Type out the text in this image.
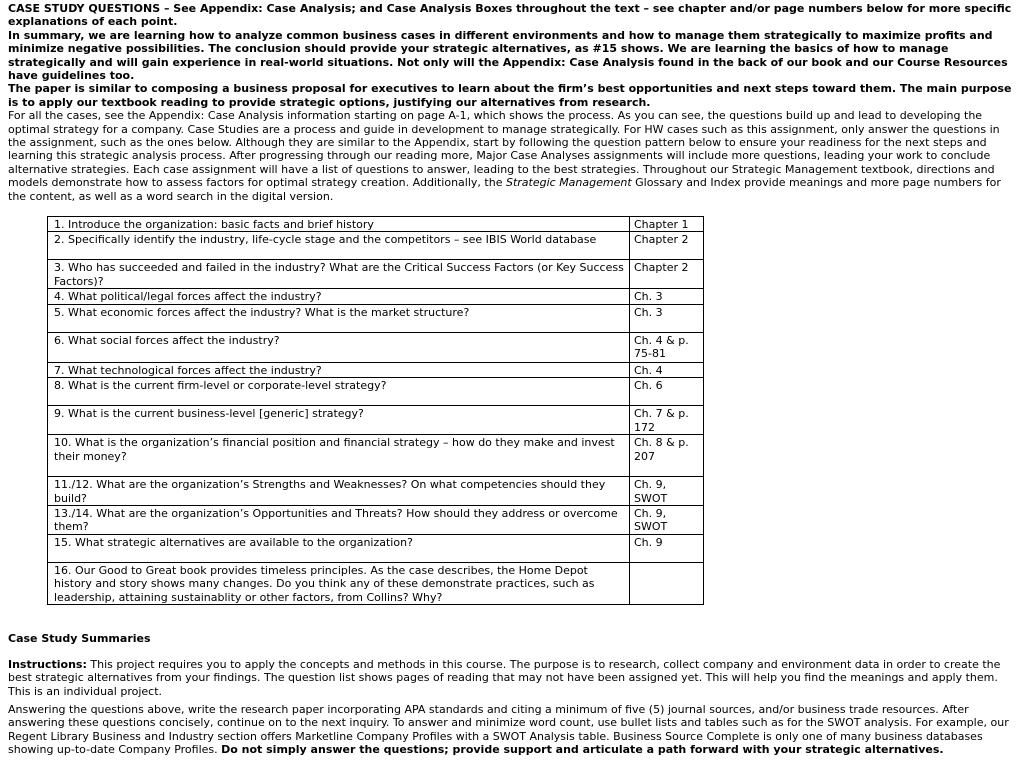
CASE STUDY QUESTIONS – See Appendix: Case Analysis; and Case Analysis Boxes throughout the text – see chapter and/or page numbers below for more specific explanations of each point.

In summary, we are learning how to analyze common business cases in different environments and how to manage them strategically to maximize profits and minimize negative possibilities. The conclusion should provide your strategic alternatives, as #15 shows. We are learning the basics of how to manage strategically and will gain experience in real-world situations. Not only will the Appendix: Case Analysis found in the back of our book and our Course Resources have guidelines too.

The paper is similar to composing a business proposal for executives to learn about the firm’s best opportunities and next steps toward them. The main purpose is to apply our textbook reading to provide strategic options, justifying our alternatives from research.

For all the cases, see the Appendix: Case Analysis information starting on page A-1, which shows the process. As you can see, the questions build up and lead to developing the optimal strategy for a company. Case Studies are a process and guide in development to manage strategically. For HW cases such as this assignment, only answer the questions in the assignment, such as the ones below. Although they are similar to the Appendix, start by following the question pattern below to ensure your readiness for the next steps and learning this strategic analysis process. After progressing through our reading more, Major Case Analyses assignments will include more questions, leading your work to conclude alternative strategies. Each case assignment will have a list of questions to answer, leading to the best strategies. Throughout our Strategic Management textbook, directions and models demonstrate how to assess factors for optimal strategy creation. Additionally, the Strategic Management Glossary and Index provide meanings and more page numbers for the content, as well as a word search in the digital version.

1. Introduce the organization: basic facts and brief history	Chapter 1
2. Specifically identify the industry, life-cycle stage and the competitors – see IBIS World database	Chapter 2
3. Who has succeeded and failed in the industry? What are the Critical Success Factors (or Key Success Factors)?	Chapter 2
4. What political/legal forces affect the industry?	Ch. 3
5. What economic forces affect the industry? What is the market structure?	Ch. 3
6. What social forces affect the industry?	Ch. 4 & p. 75-81
7. What technological forces affect the industry?	Ch. 4
8. What is the current firm-level or corporate-level strategy?	Ch. 6
9. What is the current business-level [generic] strategy?	Ch. 7 & p. 172
10. What is the organization’s financial position and financial strategy – how do they make and invest their money?	Ch. 8 & p. 207
11./12. What are the organization’s Strengths and Weaknesses? On what competencies should they build?	Ch. 9, SWOT
13./14. What are the organization’s Opportunities and Threats? How should they address or overcome them?	Ch. 9, SWOT
15. What strategic alternatives are available to the organization?	Ch. 9
16. Our Good to Great book provides timeless principles. As the case describes, the Home Depot history and story shows many changes. Do you think any of these demonstrate practices, such as leadership, attaining sustainablity or other factors, from Collins? Why?	

Case Study Summaries

Instructions: This project requires you to apply the concepts and methods in this course. The purpose is to research, collect company and environment data in order to create the best strategic alternatives from your findings. The question list shows pages of reading that may not have been assigned yet. This will help you find the meanings and apply them. This is an individual project.

Answering the questions above, write the research paper incorporating APA standards and citing a minimum of five (5) journal sources, and/or business trade resources. After answering these questions concisely, continue on to the next inquiry. To answer and minimize word count, use bullet lists and tables such as for the SWOT analysis. For example, our Regent Library Business and Industry section offers Marketline Company Profiles with a SWOT Analysis table. Business Source Complete is only one of many business databases showing up-to-date Company Profiles. Do not simply answer the questions; provide support and articulate a path forward with your strategic alternatives.
